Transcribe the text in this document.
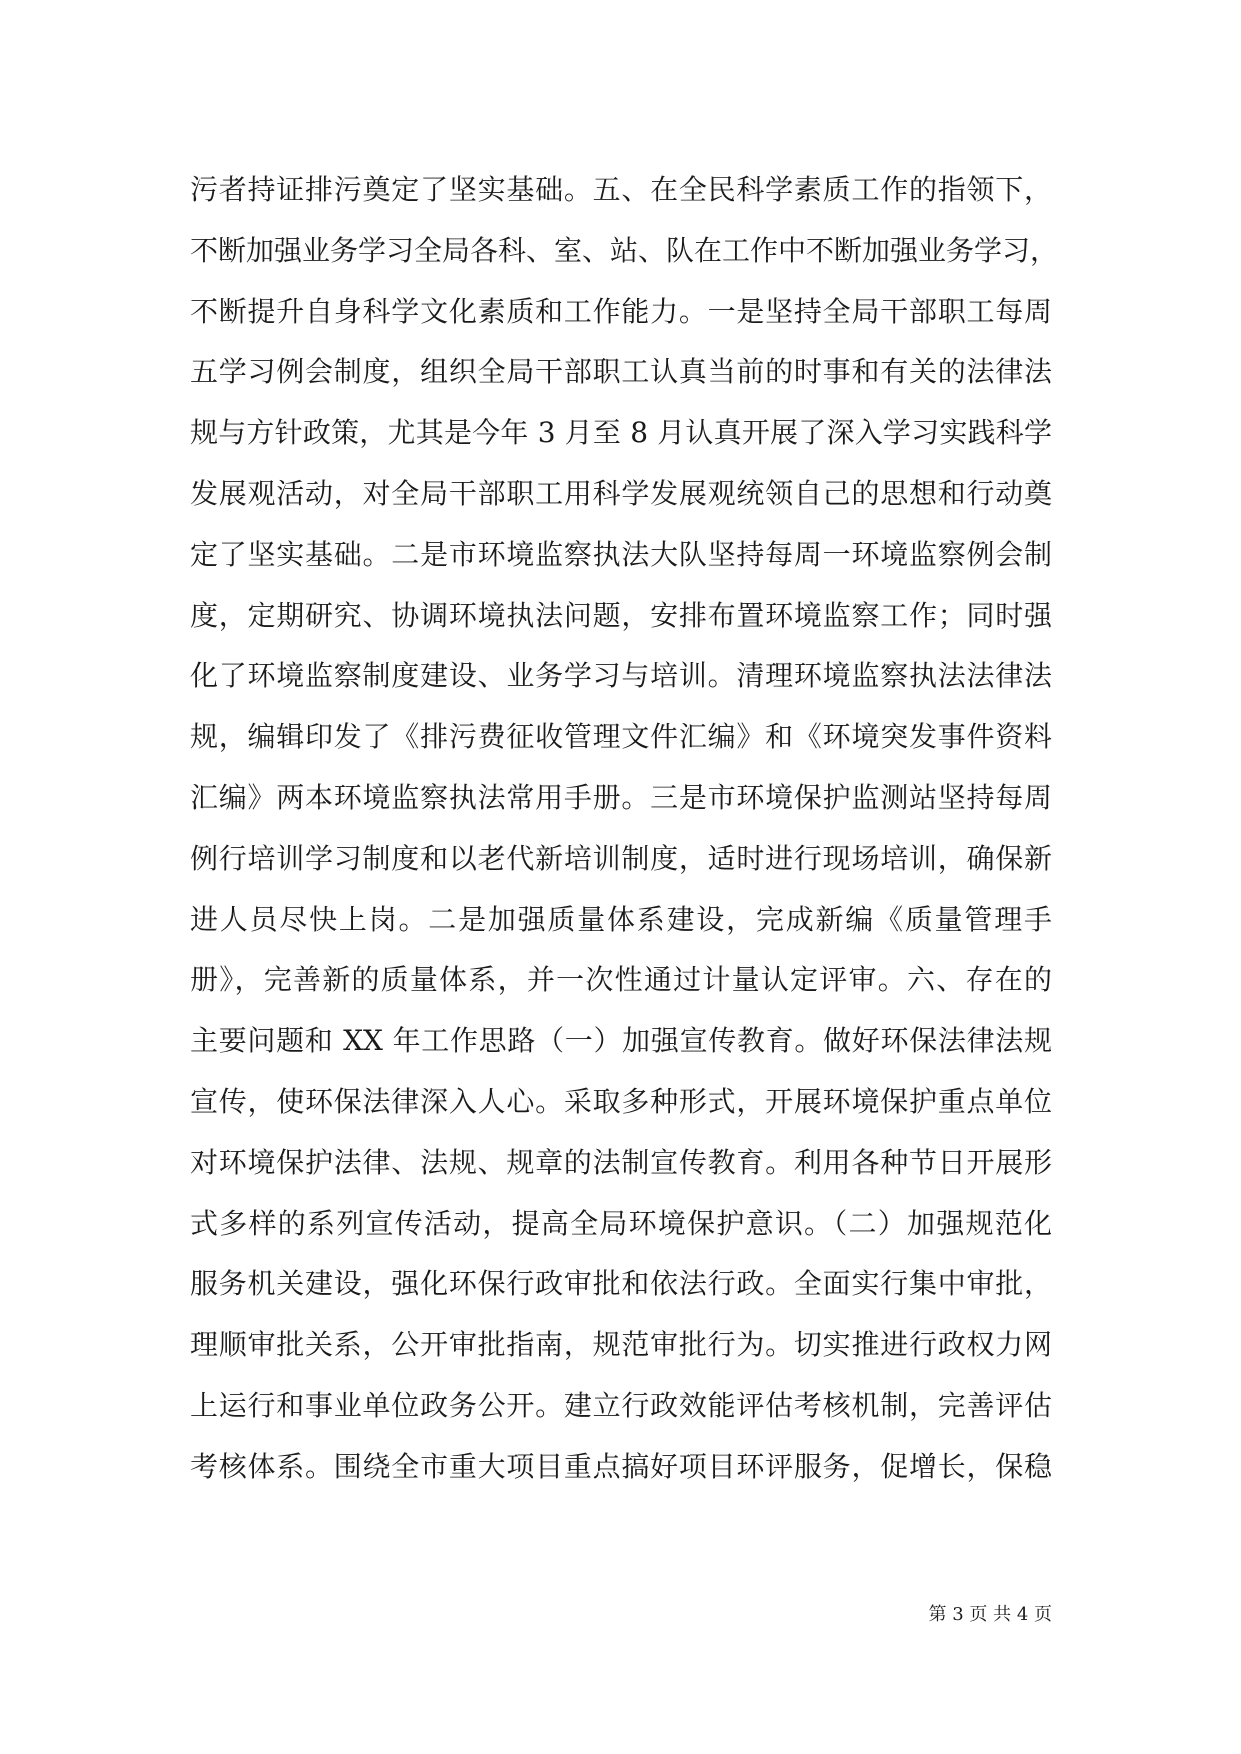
污者持证排污奠定了坚实基础。五、在全民科学素质工作的指领下，
不断加强业务学习全局各科、室、站、队在工作中不断加强业务学习，
不断提升自身科学文化素质和工作能力。一是坚持全局干部职工每周
五学习例会制度，组织全局干部职工认真当前的时事和有关的法律法
规与方针政策，尤其是今年 3 月至 8 月认真开展了深入学习实践科学
发展观活动，对全局干部职工用科学发展观统领自己的思想和行动奠
定了坚实基础。二是市环境监察执法大队坚持每周一环境监察例会制
度，定期研究、协调环境执法问题，安排布置环境监察工作；同时强
化了环境监察制度建设、业务学习与培训。清理环境监察执法法律法
规，编辑印发了《排污费征收管理文件汇编》和《环境突发事件资料
汇编》两本环境监察执法常用手册。三是市环境保护监测站坚持每周
例行培训学习制度和以老代新培训制度，适时进行现场培训，确保新
进人员尽快上岗。二是加强质量体系建设，完成新编《质量管理手
册》，完善新的质量体系，并一次性通过计量认定评审。六、存在的
主要问题和 XX 年工作思路（一）加强宣传教育。做好环保法律法规
宣传，使环保法律深入人心。采取多种形式，开展环境保护重点单位
对环境保护法律、法规、规章的法制宣传教育。利用各种节日开展形
式多样的系列宣传活动，提高全局环境保护意识。（二）加强规范化
服务机关建设，强化环保行政审批和依法行政。全面实行集中审批，
理顺审批关系，公开审批指南，规范审批行为。切实推进行政权力网
上运行和事业单位政务公开。建立行政效能评估考核机制，完善评估
考核体系。围绕全市重大项目重点搞好项目环评服务，促增长，保稳
第 3 页 共 4 页
